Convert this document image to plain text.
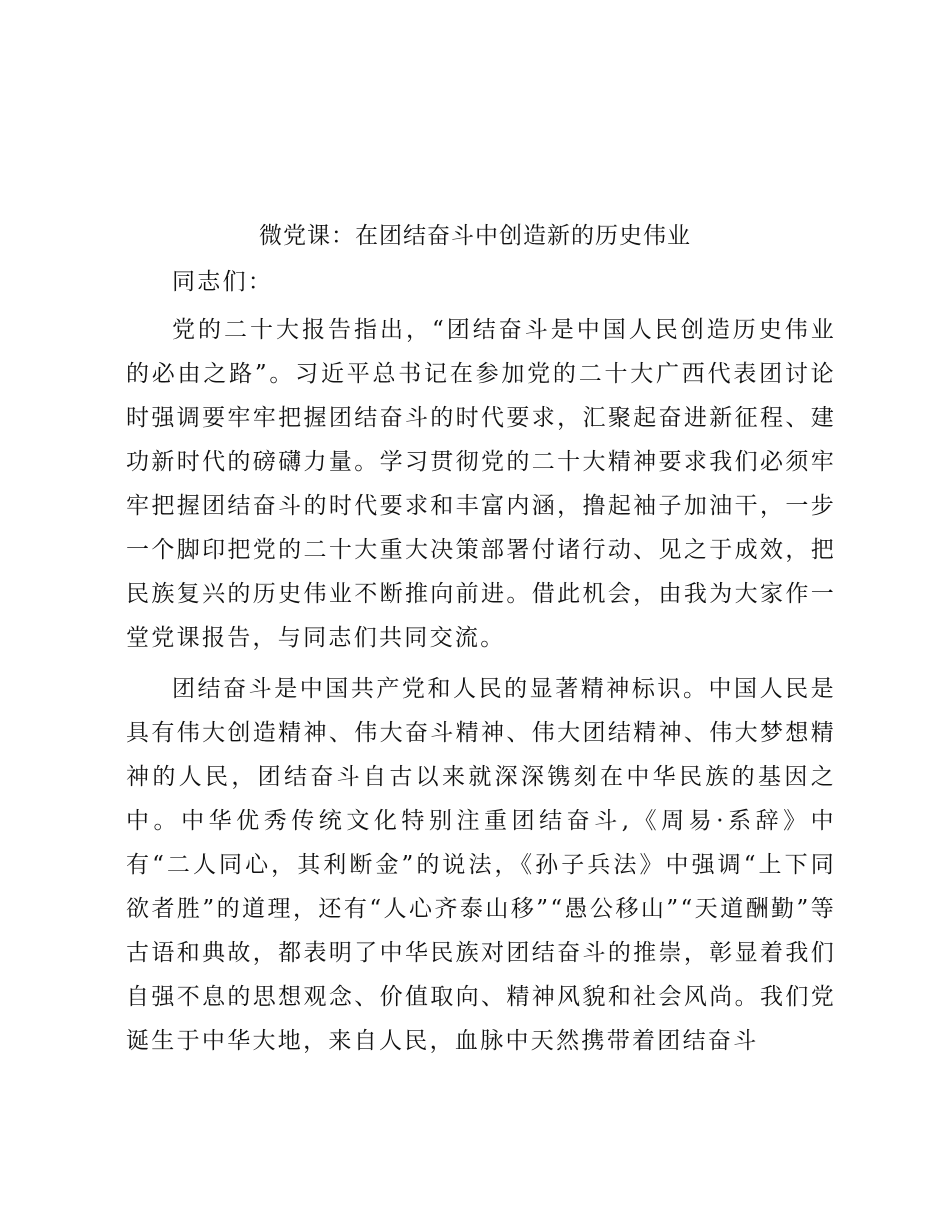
微党课：在团结奋斗中创造新的历史伟业

同志们：

党的二十大报告指出，“团结奋斗是中国人民创造历史伟业的必由之路”。习近平总书记在参加党的二十大广西代表团讨论时强调要牢牢把握团结奋斗的时代要求，汇聚起奋进新征程、建功新时代的磅礴力量。学习贯彻党的二十大精神要求我们必须牢牢把握团结奋斗的时代要求和丰富内涵，撸起袖子加油干，一步一个脚印把党的二十大重大决策部署付诸行动、见之于成效，把民族复兴的历史伟业不断推向前进。借此机会，由我为大家作一堂党课报告，与同志们共同交流。

团结奋斗是中国共产党和人民的显著精神标识。中国人民是具有伟大创造精神、伟大奋斗精神、伟大团结精神、伟大梦想精神的人民，团结奋斗自古以来就深深镌刻在中华民族的基因之中。中华优秀传统文化特别注重团结奋斗,《周易·系辞》中有“二人同心，其利断金”的说法，《孙子兵法》中强调“上下同欲者胜”的道理，还有“人心齐泰山移”“愚公移山”“天道酬勤”等古语和典故，都表明了中华民族对团结奋斗的推崇，彰显着我们自强不息的思想观念、价值取向、精神风貌和社会风尚。我们党诞生于中华大地，来自人民，血脉中天然携带着团结奋斗
